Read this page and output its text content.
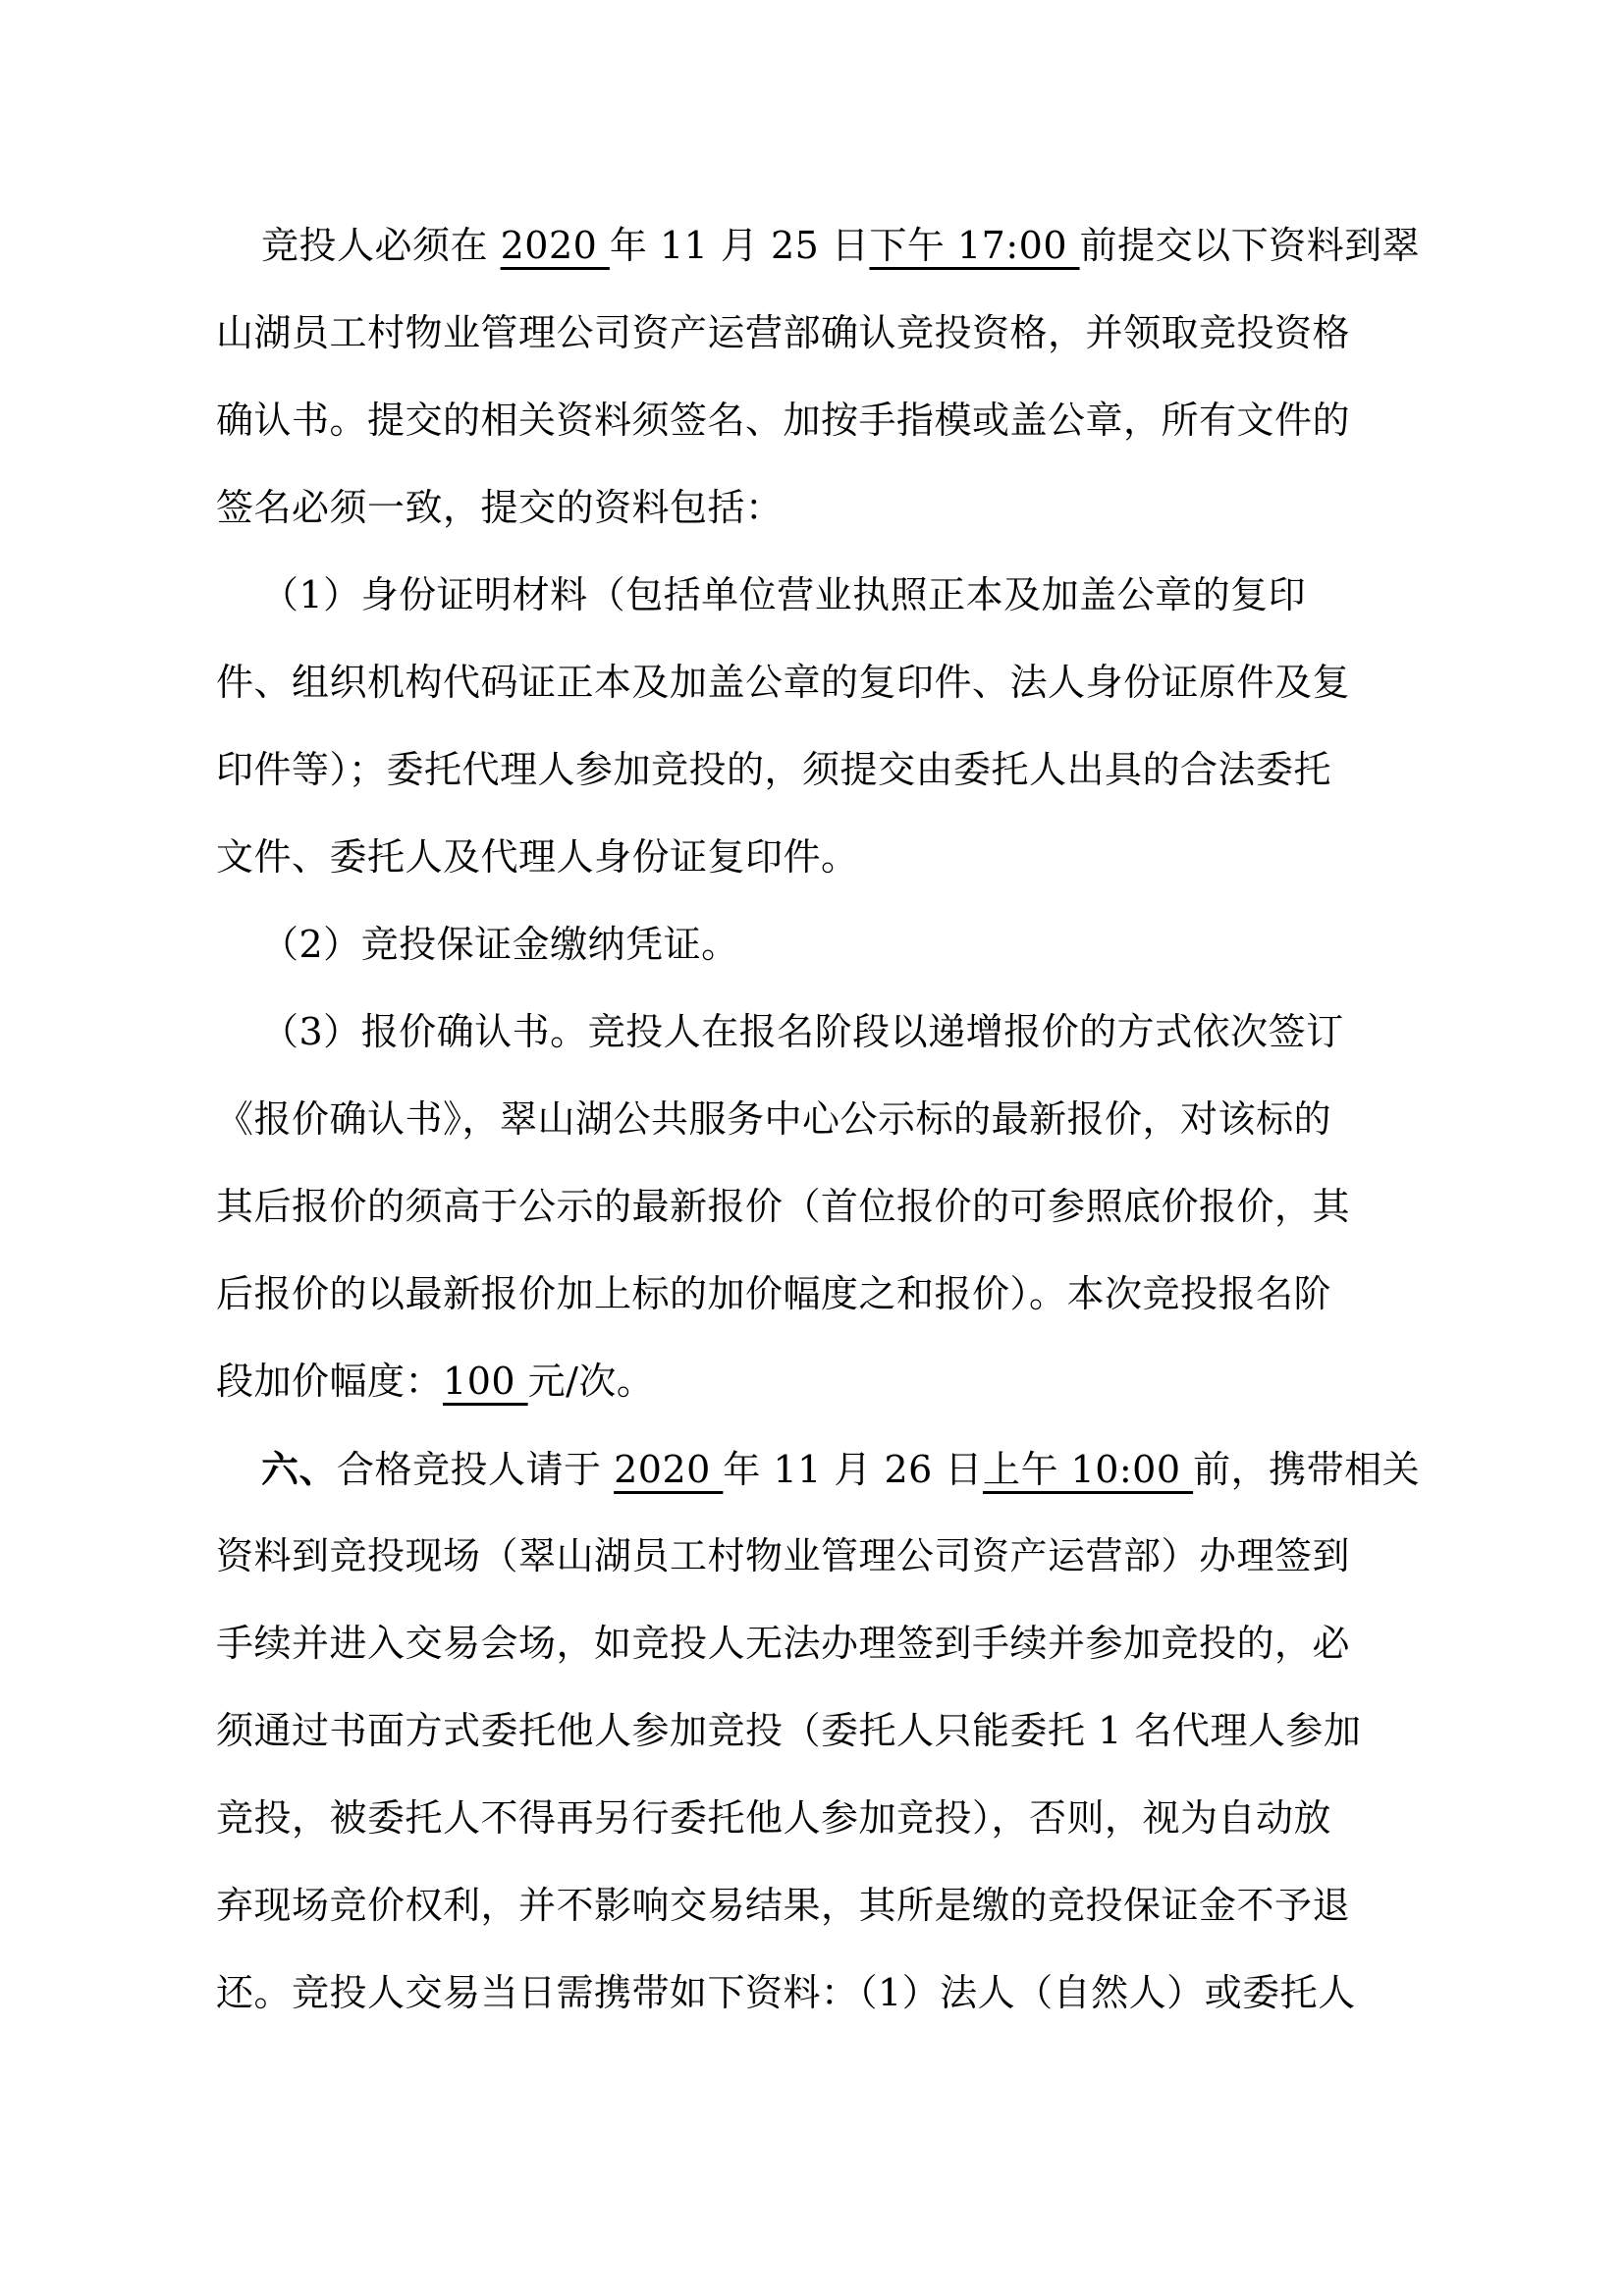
竞投人必须在 2020 年 11 月 25 日下午 17:00 前提交以下资料到翠
山湖员工村物业管理公司资产运营部确认竞投资格，并领取竞投资格
确认书。提交的相关资料须签名、加按手指模或盖公章，所有文件的
签名必须一致，提交的资料包括：
（1）身份证明材料（包括单位营业执照正本及加盖公章的复印
件、组织机构代码证正本及加盖公章的复印件、法人身份证原件及复
印件等）；委托代理人参加竞投的，须提交由委托人出具的合法委托
文件、委托人及代理人身份证复印件。
（2）竞投保证金缴纳凭证。
（3）报价确认书。竞投人在报名阶段以递增报价的方式依次签订
《报价确认书》，翠山湖公共服务中心公示标的最新报价，对该标的
其后报价的须高于公示的最新报价（首位报价的可参照底价报价，其
后报价的以最新报价加上标的加价幅度之和报价）。本次竞投报名阶
段加价幅度：100 元/次。
六、合格竞投人请于 2020 年 11 月 26 日上午 10:00 前，携带相关
资料到竞投现场（翠山湖员工村物业管理公司资产运营部）办理签到
手续并进入交易会场，如竞投人无法办理签到手续并参加竞投的，必
须通过书面方式委托他人参加竞投（委托人只能委托 1 名代理人参加
竞投，被委托人不得再另行委托他人参加竞投），否则，视为自动放
弃现场竞价权利，并不影响交易结果，其所是缴的竞投保证金不予退
还。竞投人交易当日需携带如下资料：（1）法人（自然人）或委托人
